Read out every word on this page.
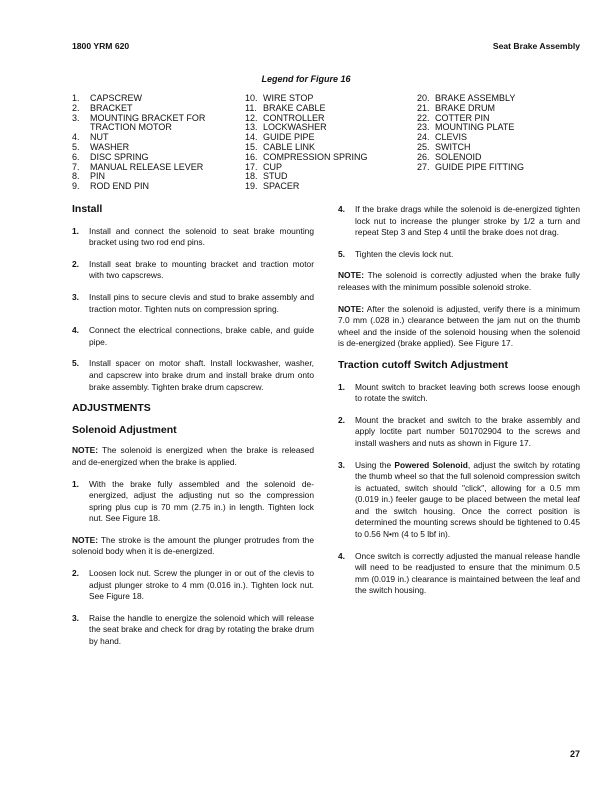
1800 YRM 620	Seat Brake Assembly
Legend for Figure 16
1.	CAPSCREW
2.	BRACKET
3.	MOUNTING BRACKET FOR
TRACTION MOTOR
4.	NUT
5.	WASHER
6.	DISC SPRING
7.	MANUAL RELEASE LEVER
8.	PIN
9.	ROD END PIN
10. WIRE STOP
11. BRAKE CABLE
12. CONTROLLER
13. LOCKWASHER
14. GUIDE PIPE
15. CABLE LINK
16. COMPRESSION SPRING
17. CUP
18. STUD
19. SPACER
20. BRAKE ASSEMBLY
21. BRAKE DRUM
22. COTTER PIN
23. MOUNTING PLATE
24. CLEVIS
25. SWITCH
26. SOLENOID
27. GUIDE PIPE FITTING

Install

1.	Install and connect the solenoid to seat brake mounting bracket using two rod end pins.
2.	Install seat brake to mounting bracket and traction motor with two capscrews.
3.	Install pins to secure clevis and stud to brake assembly and traction motor. Tighten nuts on compression spring.
4.	Connect the electrical connections, brake cable, and guide pipe.
5.	Install spacer on motor shaft. Install lockwasher, washer, and capscrew into brake drum and install brake drum onto brake assembly. Tighten brake drum capscrew.

ADJUSTMENTS

Solenoid Adjustment

NOTE: The solenoid is energized when the brake is released and de-energized when the brake is applied.

1.	With the brake fully assembled and the solenoid de-energized, adjust the adjusting nut so the compression spring plus cup is 70 mm (2.75 in.) in length. Tighten lock nut. See Figure 18.

NOTE: The stroke is the amount the plunger protrudes from the solenoid body when it is de-energized.

2.	Loosen lock nut. Screw the plunger in or out of the clevis to adjust plunger stroke to 4 mm (0.016 in.). Tighten lock nut. See Figure 18.
3.	Raise the handle to energize the solenoid which will release the seat brake and check for drag by rotating the brake drum by hand.
4.	If the brake drags while the solenoid is de-energized tighten lock nut to increase the plunger stroke by 1/2 a turn and repeat Step 3 and Step 4 until the brake does not drag.
5.	Tighten the clevis lock nut.

NOTE: The solenoid is correctly adjusted when the brake fully releases with the minimum possible solenoid stroke.

NOTE: After the solenoid is adjusted, verify there is a minimum 7.0 mm (.028 in.) clearance between the jam nut on the thumb wheel and the inside of the solenoid housing when the solenoid is de-energized (brake applied). See Figure 17.

Traction cutoff Switch Adjustment

1.	Mount switch to bracket leaving both screws loose enough to rotate the switch.
2.	Mount the bracket and switch to the brake assembly and apply loctite part number 501702904 to the screws and install washers and nuts as shown in Figure 17.
3.	Using the Powered Solenoid, adjust the switch by rotating the thumb wheel so that the full solenoid compression switch is actuated, switch should "click", allowing for a 0.5 mm (0.019 in.) feeler gauge to be placed between the metal leaf and the switch housing. Once the correct position is determined the mounting screws should be tightened to 0.45 to 0.56 N•m (4 to 5 lbf in).
4.	Once switch is correctly adjusted the manual release handle will need to be readjusted to ensure that the minimum 0.5 mm (0.019 in.) clearance is maintained between the leaf and the switch housing.
27
